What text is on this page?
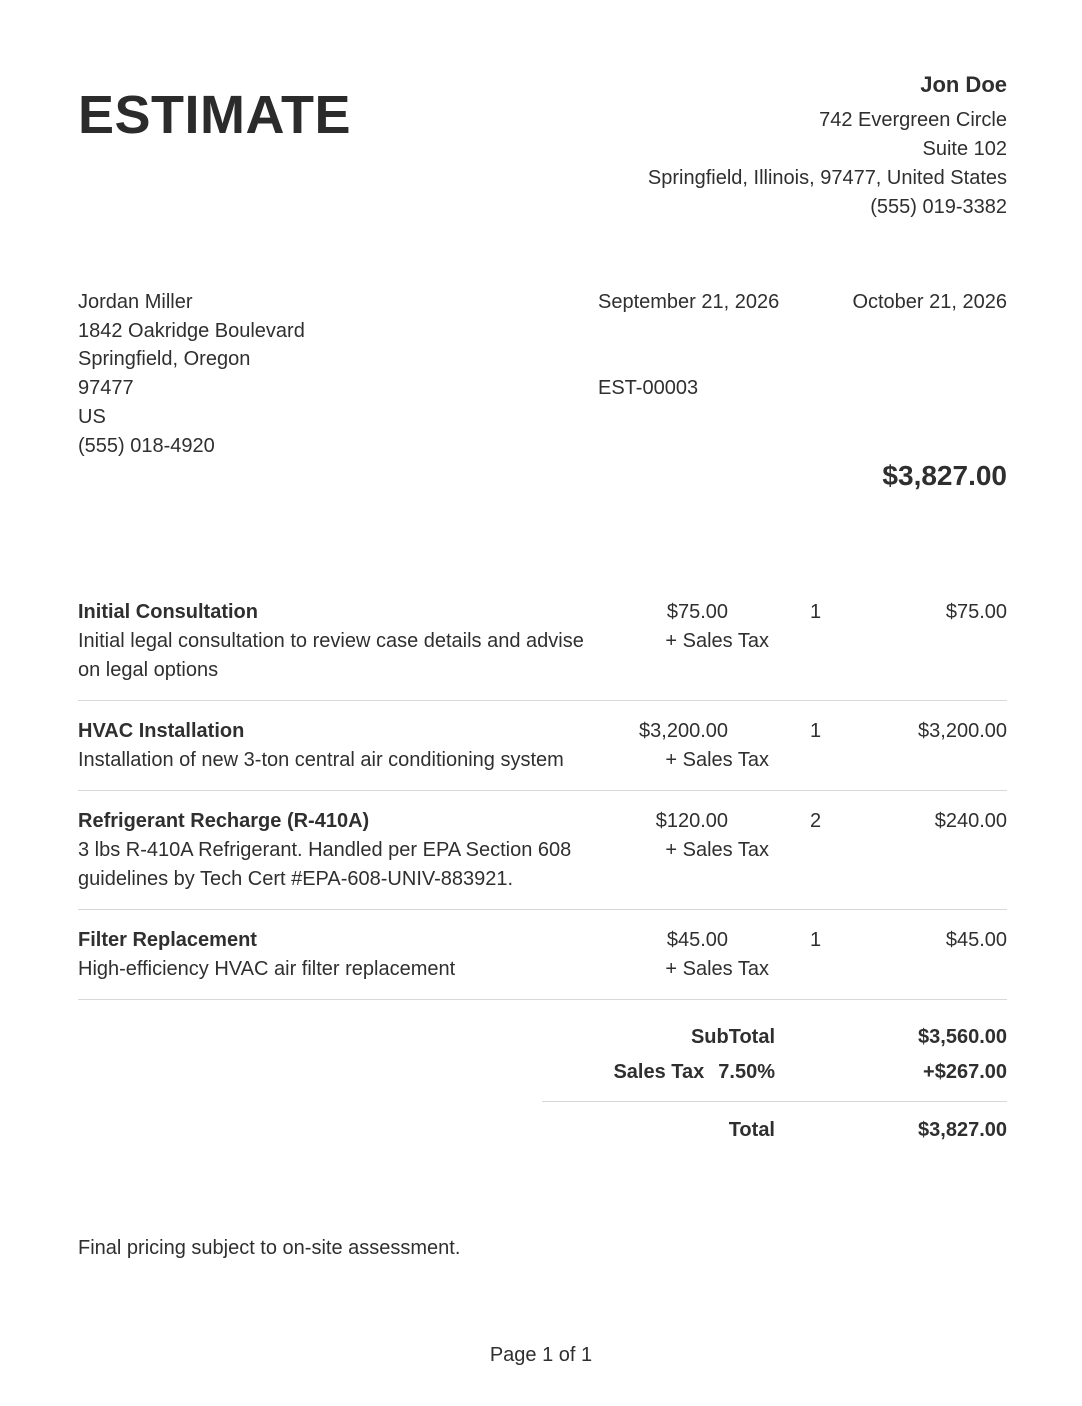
ESTIMATE
Jon Doe
742 Evergreen Circle
Suite 102
Springfield, Illinois, 97477, United States
(555) 019-3382
Jordan Miller
1842 Oakridge Boulevard
Springfield, Oregon
97477
US
(555) 018-4920
September 21, 2026	October 21, 2026
EST-00003
$3,827.00
Initial Consultation
Initial legal consultation to review case details and advise on legal options
$75.00
+ Sales Tax
1	$75.00
HVAC Installation
Installation of new 3-ton central air conditioning system
$3,200.00
+ Sales Tax
1	$3,200.00
Refrigerant Recharge (R-410A)
3 lbs R-410A Refrigerant. Handled per EPA Section 608 guidelines by Tech Cert #EPA-608-UNIV-883921.
$120.00
+ Sales Tax
2	$240.00
Filter Replacement
High-efficiency HVAC air filter replacement
$45.00
+ Sales Tax
1	$45.00
SubTotal	$3,560.00
Sales Tax 7.50%	+$267.00
Total	$3,827.00
Final pricing subject to on-site assessment.
Page 1 of 1
